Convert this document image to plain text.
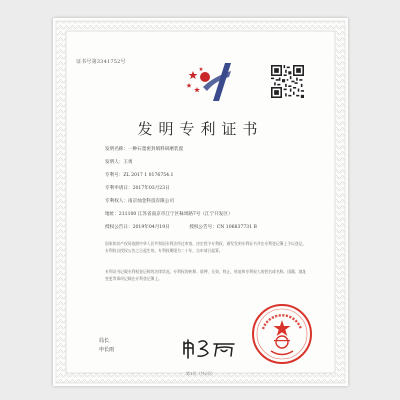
证书号第3341752号
发明专利证书
发明名称：一种石墨密封填料研磨装置
发明人：王勇
专利号：ZL 2017 1 0176754.1
专利申请日：2017年03月23日
专利权人：南京灿金科技有限公司
地址：211100 江苏省南京市江宁区秣周路7号（江宁开发区）
授权公告日：2019年04月19日	授权公告号：CN 106837731 B
国家知识产权局依照中华人民共和国专利法经过审查，决定授予专利权，颁发发明专利证书并在专利登记簿上予以登记。专利权自授权公告之日起生效。专利权期限为二十年，自申请日起算。
专利证书记载专利权登记时的法律状况。专利权的转移、质押、无效、终止、恢复和专利权人的姓名或名称、国籍、地址变更等事项记载在专利登记簿上。
局长
申长雨
第1页（共2页）
